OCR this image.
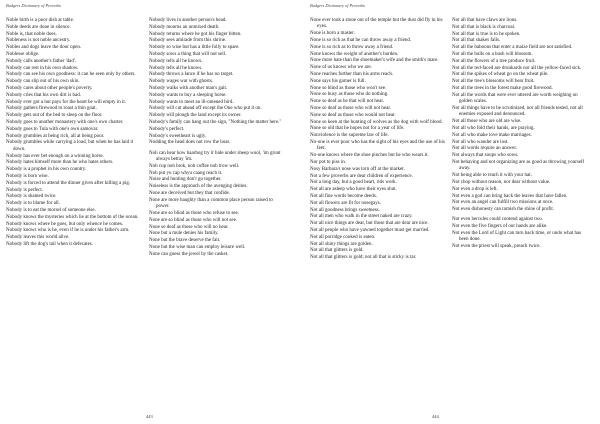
Badgers Dictionary of Proverbs
Noble birth is a poor dish at table.
Noble deeds are done in silence.
Noble is, that noble does.
Nobleness is not noble ancestry.
Nobles and dogs leave the door open.
Noblesse oblige.
Nobody calls another's father 'dad'.
Nobody can rest in his own shadow.
Nobody can see his own goodness: it can be seen only by others.
Nobody can slip out of his own skin.
Nobody cares about other people's poverty.
Nobody cries that his own dirt is bad.
Nobody ever got a hut pays for the heart be will empty in it.
Nobody gathers firewood to roast a thin goat.
Nobody gets out of the bed to sleep on the floor.
Nobody goes to another monastery with one's own charter.
Nobody goes to Tula with one's own samovar.
Nobody grumbles at being rich, all at being poor.
Nobody grumbles while carrying a load, but when he has laid it down.
Nobody has ever bet enough on a winning horse.
Nobody hates himself more than he who hates others.
Nobody is a prophet in his own country.
Nobody is born wise.
Nobody is forced to attend the dinner given after killing a pig.
Nobody is perfect.
Nobody is shamed twice.
Nobody is to blame for all.
Nobody is to eat the morsel of someone else.
Nobody knows the mysteries which lie at the bottom of the ocean.
Nobody knows where he goes, but only whence he comes.
Nobody knows who is he, even if he is under his father's arm.
Nobody leaves this world alive.
Nobody lift the dog's tail when it defecates.
Nobody lives in another person's head.
Nobody mourns an unmixed death.
Nobody returns where he got his finger bitten.
Nobody sees amirade from this shrine.
Nobody so wise but has a little folly to spare.
Nobody sows a thing that will not sell.
Nobody tells all he knows.
Nobody tells all he knows.
Nobody throws a lance if he has no target.
Nobody wages war with ghosts.
Nobody walks with another man's gait.
Nobody wants to buy a sleeping horse.
Nobody wants to meet an ill-omened bird.
Nobody will cut ahead off except the One who put it on.
Nobody will plough the land except its owner.
Nobody's family can hang out the sign, "Nothing the matter here."
Nobody's perfect.
Nobody's sweetheart is ugly.
Nodding the head does not row the boat.
Noh can hear how baarhog try it hide under sheep wool, 'im grunt always betray 'im.
Noh cup noh brok, noh coffee noh trow well.
Noh put yu cap whyu caang reach it.
Noise and hunting don't go together.
Noiseless is the approach of the avenging deities.
None are deceived but they that confide.
None are more haughty than a common place person raised to power.
None are so blind as those who refuse to see.
None are so blind as those who will not see.
None so deaf as those who will no hear.
None but a mule denies his family.
None but the brave deserve the fair.
None but the wise man can employ leisure well.
None can guess the jewel by the casket.
443
Badgers Dictionary of Proverbs
None ever took a stone out of the temple but the dust did fly in his eyes.
None is born a master.
None is so rich as that he can throw away a friend.
None is so rich as to throw away a friend.
None knows the weight of another's burden.
None more hate than the shoemaker's wife and the smith's mare.
None of us knows who we are.
None reaches further than his arms reach.
None says his garner is full.
None so blind as those who won't see.
None so busy as those who do nothing.
None so deaf as he that will not hear.
None so deaf as those who will not hear.
None so deaf as those who would not hear.
None so keen at the hunting of wolves as the dog with wolf blood.
None so old that he hopes not for a year of life.
Nonviolence is the supreme law of life.
No-one is ever poor who has the sight of his eyes and the use of his feet.
No-one knows where the shoe pinches but he who wears it.
Nor pot to piss in.
Nosy Barbara's nose was torn off at the market.
Not a few proverbs are dear children of experience.
Not a long day, but a good heart, rids work.
Not all are asleep who have their eyes shut.
Not all fine words become deeds.
Not all flowers are fit for nosegays.
Not all goodness brings sweetness.
Not all men who walk in the street naked are crazy.
Not all nice things are dear, but those that are dear are nice.
Not all people who have yawned together must get married.
Not all porridge cooked is eaten.
Not all shiny things are golden.
Not all that glitters is gold.
Not all that glitters is gold; not all that is sticky is tar.
Not all that have claws are lions.
Not all that is black is charcoal.
Not all that is true is to be spoken.
Not all that shakes falls.
Not all the baboons that enter a maize field are not satisfied.
Not all the bulls on a bush will blossom.
Not all the flowers of a tree produce fruit.
Not all the red-faced are drunkards nor all the yellow-faced sick.
Not all the spikes of wheat go on the wheat pile.
Not all the tree's blossoms will bear fruit.
Not all the trees in the forest make good firewood.
Not all the words that were ever uttered are worth weighing on golden scales.
Not all things have to be scrutinized, nor all friends tested, not all enemies exposed and denounced.
Not all those who are old are wise.
Not all who fold their hands, are praying.
Not all who make love make marriages.
Not all who wander are lost.
Not all words require an answer.
Not always that soups who sows.
Not behaving and not organizing are as good as throwing yourself away.
Not being able to reach it with your hat.
Not chop without reason, nor dear without value.
Not even a drop is left.
Not even a god can bring back the leaves that have fallen.
Not even an angel can fulfill two missions at once.
Not even dishonesty can tarnish the shine of profit.
Not even hercules could contend against two.
Not even the five fingers of our hands are alike.
Not even the Lord of Light can turn back time, or undo what has been done.
Not even the priest will speak, preach twice.
444
